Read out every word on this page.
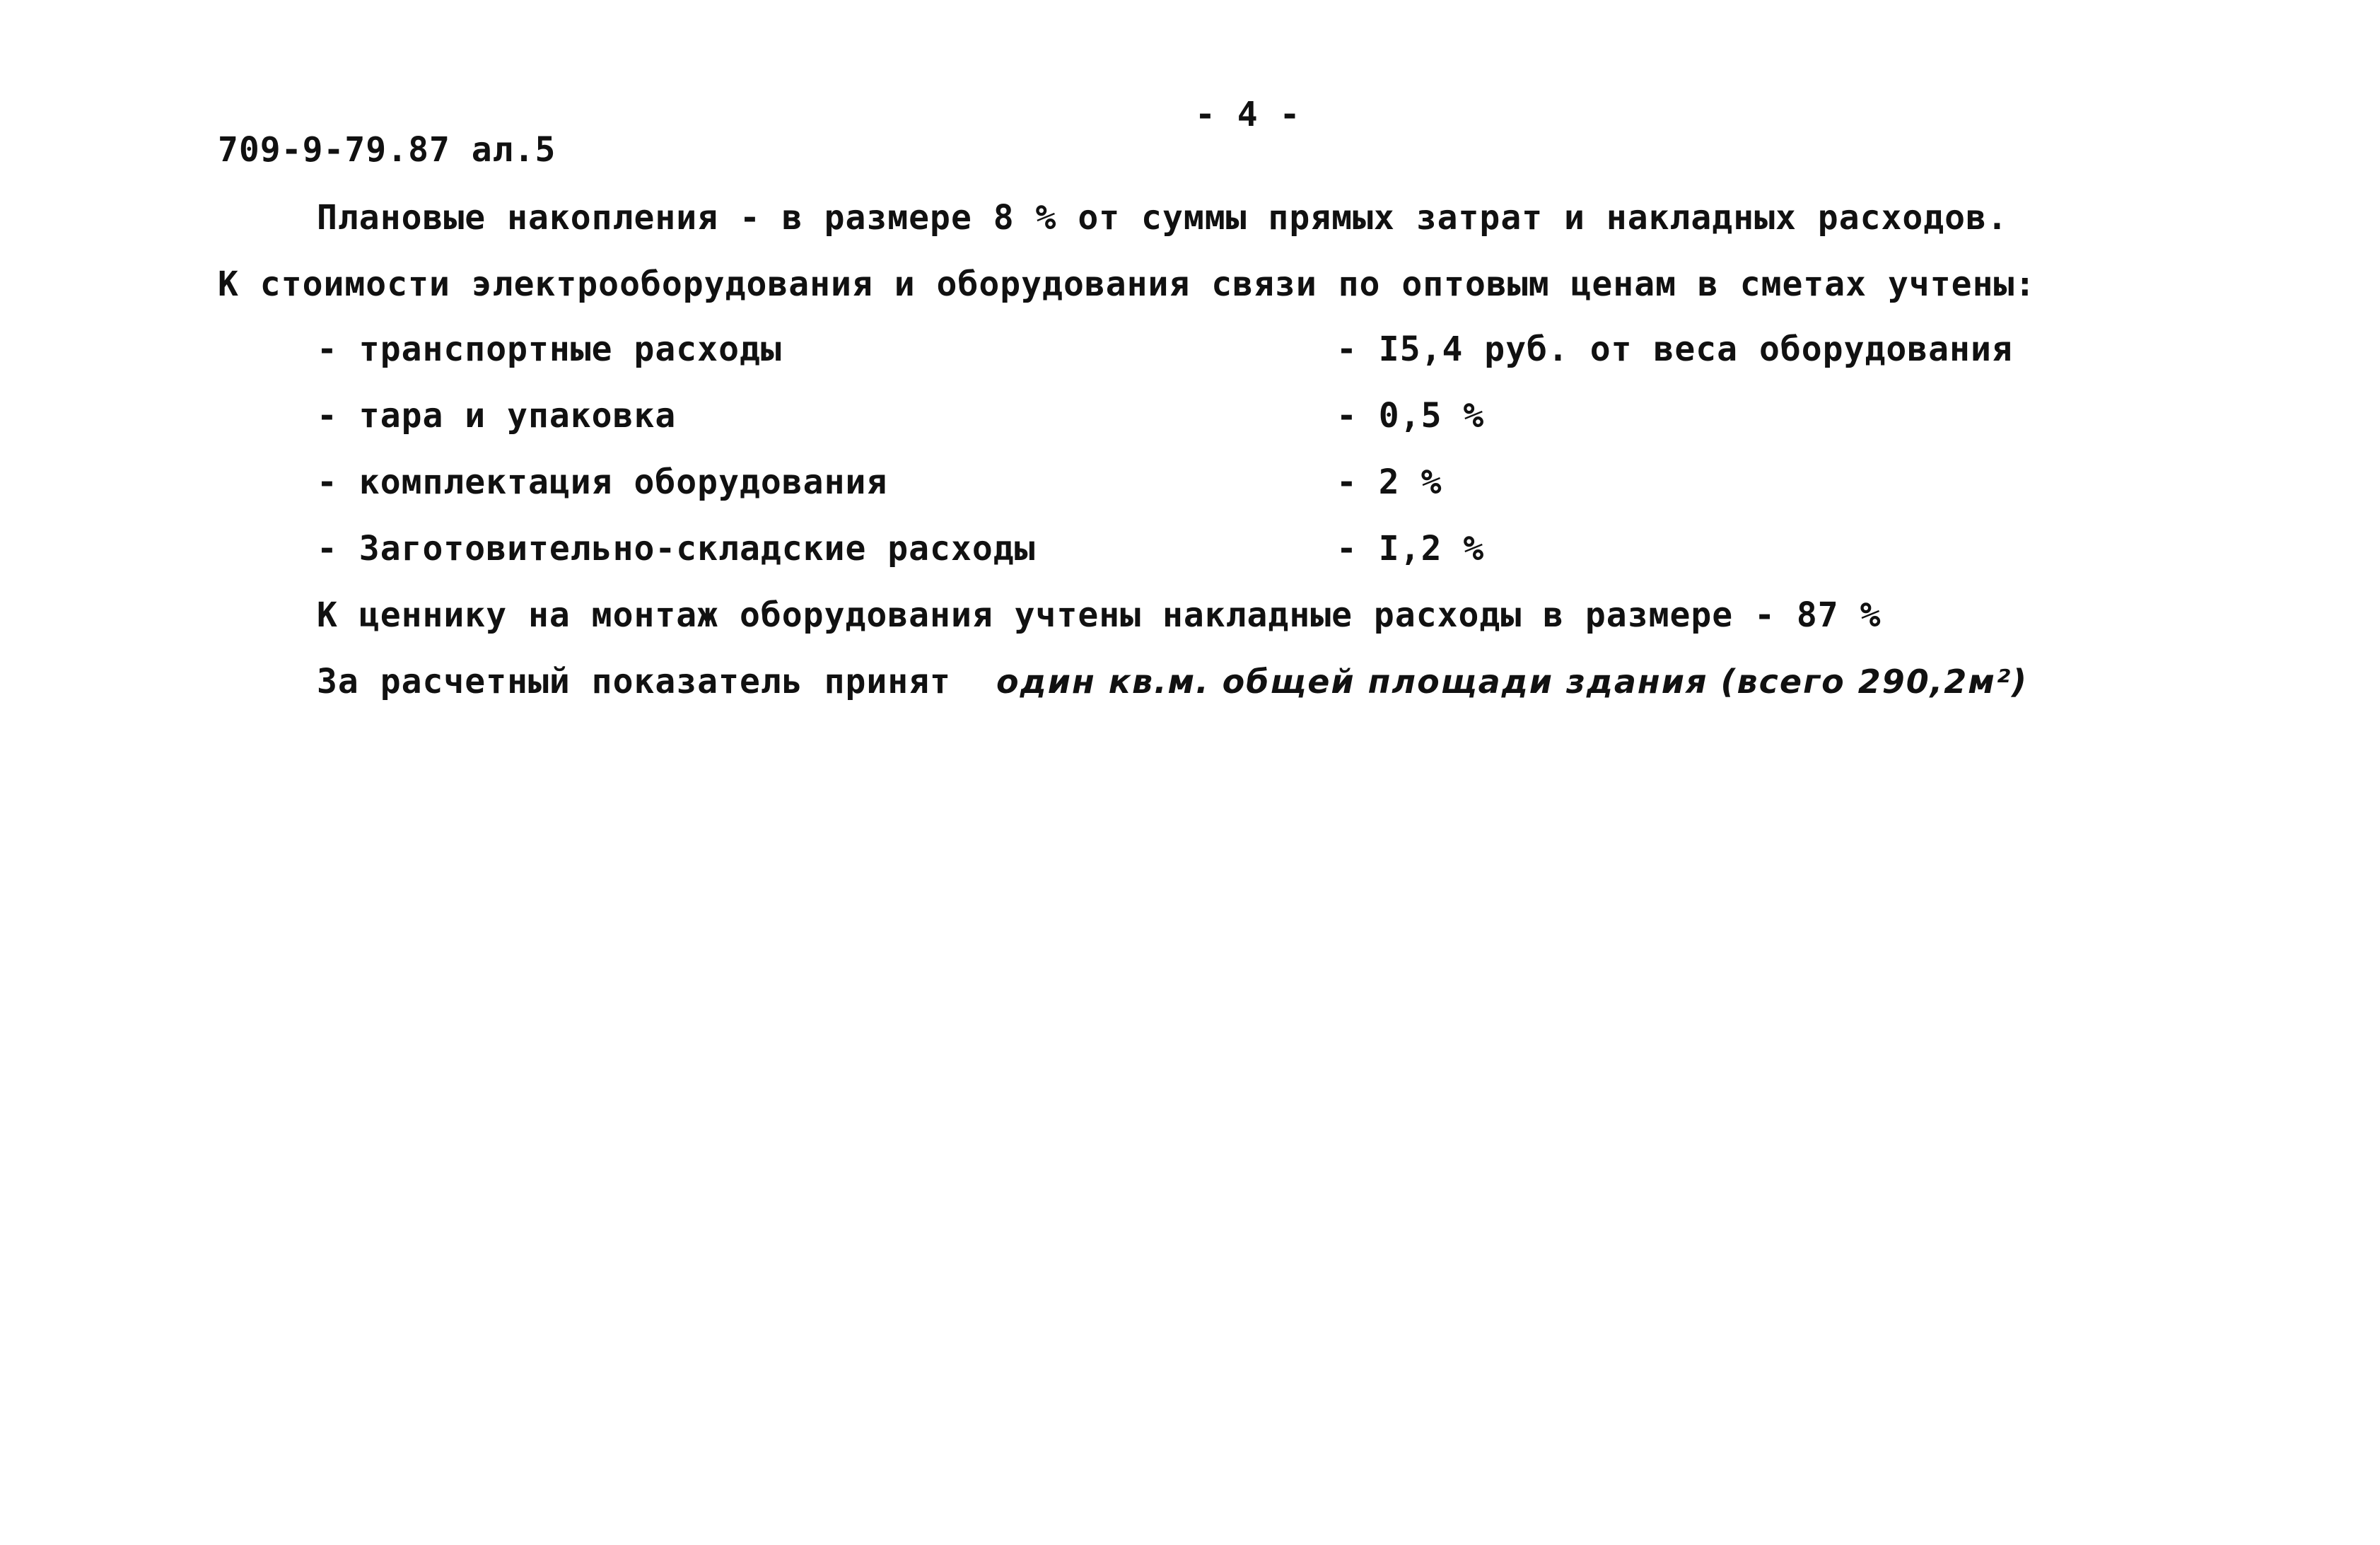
- 4 -
709-9-79.87 ал.5
Плановые накопления - в размере 8 % от суммы прямых затрат и накладных расходов.
К стоимости электрооборудования и оборудования связи по оптовым ценам в сметах учтены:
- транспортные расходы	- I5,4 руб. от веса оборудования
- тара и упаковка	- 0,5 %
- комплектация оборудования	- 2 %
- Заготовительно-складские расходы	- I,2 %
К ценнику на монтаж оборудования учтены накладные расходы в размере - 87 %
За расчетный показатель принят один кв.м. общей площади здания (всего 290,2м²)
